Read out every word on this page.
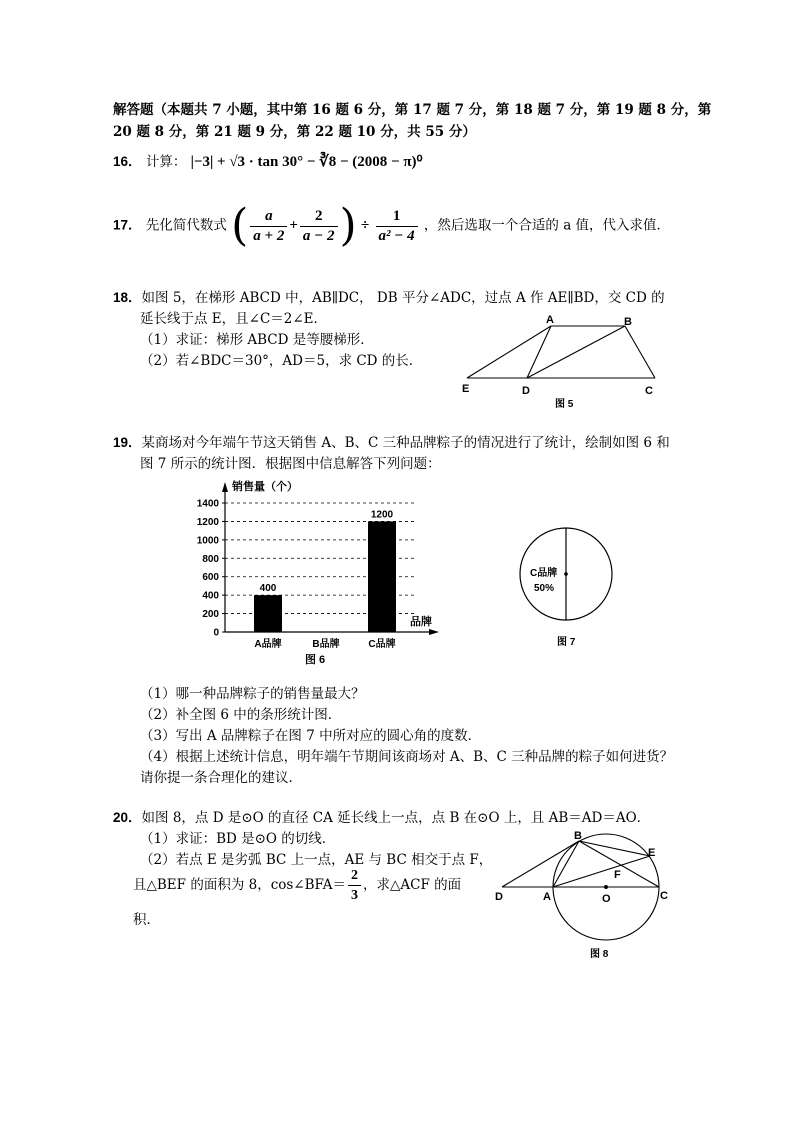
解答题（本题共 7 小题，其中第 16 题 6 分，第 17 题 7 分，第 18 题 7 分，第 19 题 8 分，第
20 题 8 分，第 21 题 9 分，第 22 题 10 分，共 55 分）
16． 计算： |−3| + √3 · tan 30° − ∛8 − (2008 − π)⁰
17． 先化简代数式 ( $\frac{a}{a + 2} + \frac{2}{a - 2}$ ) ÷ $\frac{1}{\text{a² − 4}}$ ，然后选取一个合适的 a 值，代入求值．
18．如图 5，在梯形 ABCD 中，AB∥DC， DB 平分∠ADC，过点 A 作 AE∥BD，交 CD 的
延长线于点 E，且∠C＝2∠E．
（1）求证：梯形 ABCD 是等腰梯形．
（2）若∠BDC＝30°，AD＝5，求 CD 的长．
A	B
E	D	C
图 5
19．某商场对今年端午节这天销售 A、B、C 三种品牌粽子的情况进行了统计，绘制如图 6 和
图 7 所示的统计图．根据图中信息解答下列问题：
销售量（个）
品牌
图 6
0
200
400
600
800
1000
1200
1400
A品牌	B品牌	C品牌
400
1200
C品牌
50%
图 7
（1）哪一种品牌粽子的销售量最大？
（2）补全图 6 中的条形统计图．
（3）写出 A 品牌粽子在图 7 中所对应的圆心角的度数．
（4）根据上述统计信息，明年端午节期间该商场对 A、B、C 三种品牌的粽子如何进货？
请你提一条合理化的建议．
20．如图 8，点 D 是⊙O 的直径 CA 延长线上一点，点 B 在⊙O 上，且 AB＝AD＝AO．
（1）求证：BD 是⊙O 的切线．
（2）若点 E 是劣弧 BC 上一点，AE 与 BC 相交于点 F，
且△BEF 的面积为 8，cos∠BFA＝ $\frac{2}{3}$ ，求△ACF 的面
积．
B
E
F
D	A	O	C
图 8
